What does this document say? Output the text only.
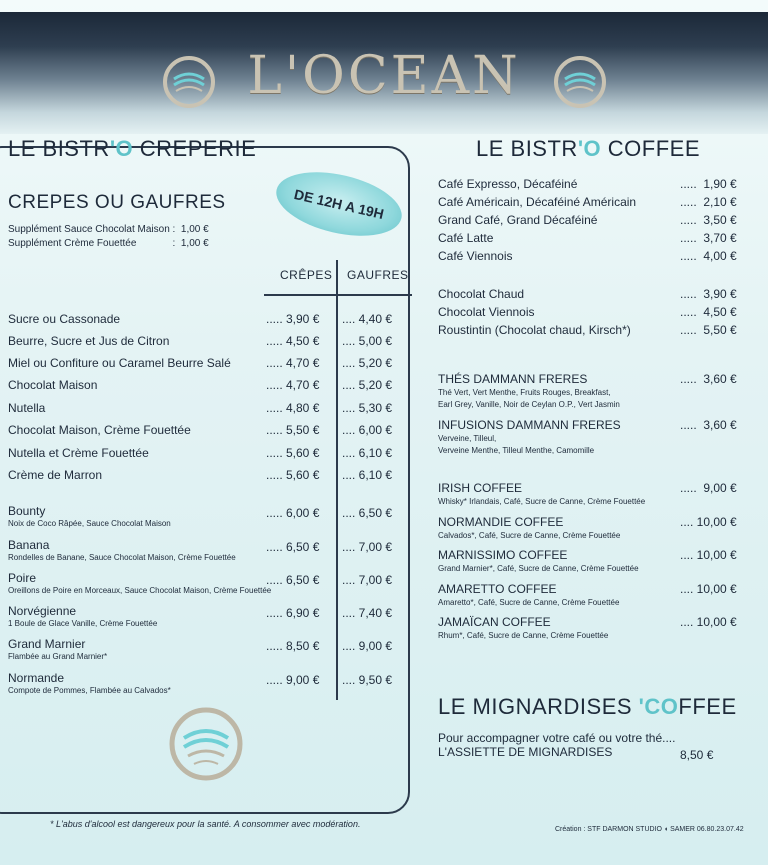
L'OCEAN
LE BISTR'O CREPERIE
CREPES OU GAUFRES
Supplément Sauce Chocolat Maison :  1,00 €
Supplément Crème Fouettée             :  1,00 €
DE 12H A 19H
CRÊPES GAUFRES
Sucre ou Cassonade	..... 3,90 € .... 4,40 €
Beurre, Sucre et Jus de Citron	..... 4,50 € .... 5,00 €
Miel ou Confiture ou Caramel Beurre Salé	..... 4,70 € .... 5,20 €
Chocolat Maison	..... 4,70 € .... 5,20 €
Nutella	..... 4,80 € .... 5,30 €
Chocolat Maison, Crème Fouettée	..... 5,50 € .... 6,00 €
Nutella et Crème Fouettée	..... 5,60 € .... 6,10 €
Crème de Marron	..... 5,60 € .... 6,10 €
Bounty
Noix de Coco Râpée, Sauce Chocolat Maison
..... 6,00 € .... 6,50 €
Banana
Rondelles de Banane, Sauce Chocolat Maison, Crème Fouettée
..... 6,50 € .... 7,00 €
Poire
Oreillons de Poire en Morceaux, Sauce Chocolat Maison, Crème Fouettée
..... 6,50 € .... 7,00 €
Norvégienne
1 Boule de Glace Vanille, Crème Fouettée
..... 6,90 € .... 7,40 €
Grand Marnier
Flambée au Grand Marnier*
..... 8,50 € .... 9,00 €
Normande
Compote de Pommes, Flambée au Calvados*
..... 9,00 € .... 9,50 €
* L'abus d'alcool est dangereux pour la santé. A consommer avec modération.
LE BISTR'O COFFEE
Café Expresso, Décaféiné	.....  1,90 €
Café Américain, Décaféiné Américain	.....  2,10 €
Grand Café, Grand Décaféiné	.....  3,50 €
Café Latte	.....  3,70 €
Café Viennois	.....  4,00 €
Chocolat Chaud	.....  3,90 €
Chocolat Viennois	.....  4,50 €
Roustintin (Chocolat chaud, Kirsch*)	.....  5,50 €
THÉS DAMMANN FRERES
Thé Vert, Vert Menthe, Fruits Rouges, Breakfast,
Earl Grey, Vanille, Noir de Ceylan O.P., Vert Jasmin
.....  3,60 €
INFUSIONS DAMMANN FRERES
Verveine, Tilleul,
Verveine Menthe, Tilleul Menthe, Camomille
.....  3,60 €
IRISH COFFEE
Whisky* Irlandais, Café, Sucre de Canne, Crème Fouettée
.....  9,00 €
NORMANDIE COFFEE
Calvados*, Café, Sucre de Canne, Crème Fouettée
.... 10,00 €
MARNISSIMO COFFEE
Grand Marnier*, Café, Sucre de Canne, Crème Fouettée
.... 10,00 €
AMARETTO COFFEE
Amaretto*, Café, Sucre de Canne, Crème Fouettée
.... 10,00 €
JAMAÏCAN COFFEE
Rhum*, Café, Sucre de Canne, Crème Fouettée
.... 10,00 €
LE MIGNARDISES 'COFFEE
Pour accompagner votre café ou votre thé....
L'ASSIETTE DE MIGNARDISES	8,50 €
Création : STF DARMON STUDIO ◖ SAMER 06.80.23.07.42
